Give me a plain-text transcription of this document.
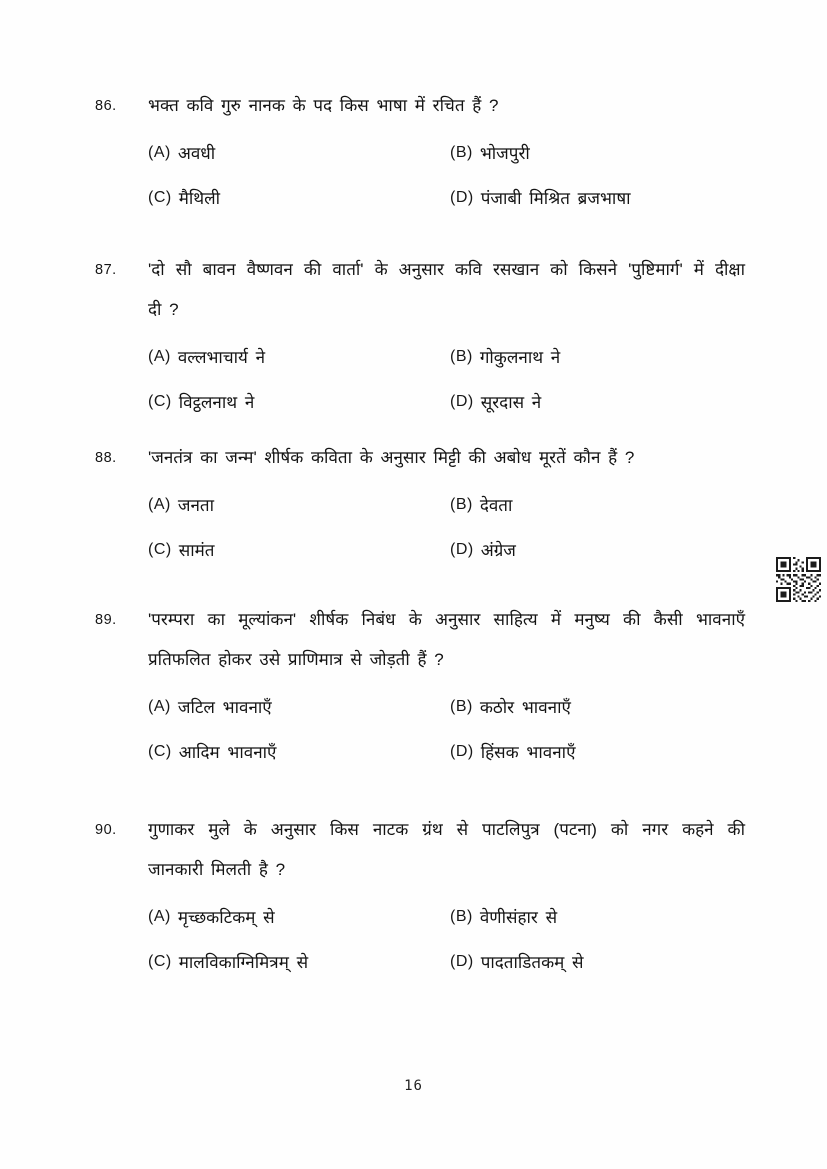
86.	भक्त कवि गुरु नानक के पद किस भाषा में रचित हैं ?
(A) अवधी	(B) भोजपुरी
(C) मैथिली	(D) पंजाबी मिश्रित ब्रजभाषा
87.	'दो सौ बावन वैष्णवन की वार्ता' के अनुसार कवि रसखान को किसने 'पुष्टिमार्ग' में दीक्षा
दी ?
(A) वल्लभाचार्य ने	(B) गोकुलनाथ ने
(C) विट्ठलनाथ ने	(D) सूरदास ने
88.	'जनतंत्र का जन्म' शीर्षक कविता के अनुसार मिट्टी की अबोध मूरतें कौन हैं ?
(A) जनता	(B) देवता
(C) सामंत	(D) अंग्रेज
89.	'परम्परा का मूल्यांकन' शीर्षक निबंध के अनुसार साहित्य में मनुष्य की कैसी भावनाएँ
प्रतिफलित होकर उसे प्राणिमात्र से जोड़ती हैं ?
(A) जटिल भावनाएँ	(B) कठोर भावनाएँ
(C) आदिम भावनाएँ	(D) हिंसक भावनाएँ
90.	गुणाकर मुले के अनुसार किस नाटक ग्रंथ से पाटलिपुत्र (पटना) को नगर कहने की
जानकारी मिलती है ?
(A) मृच्छकटिकम् से	(B) वेणीसंहार से
(C) मालविकाग्निमित्रम् से	(D) पादताडितकम् से
16
